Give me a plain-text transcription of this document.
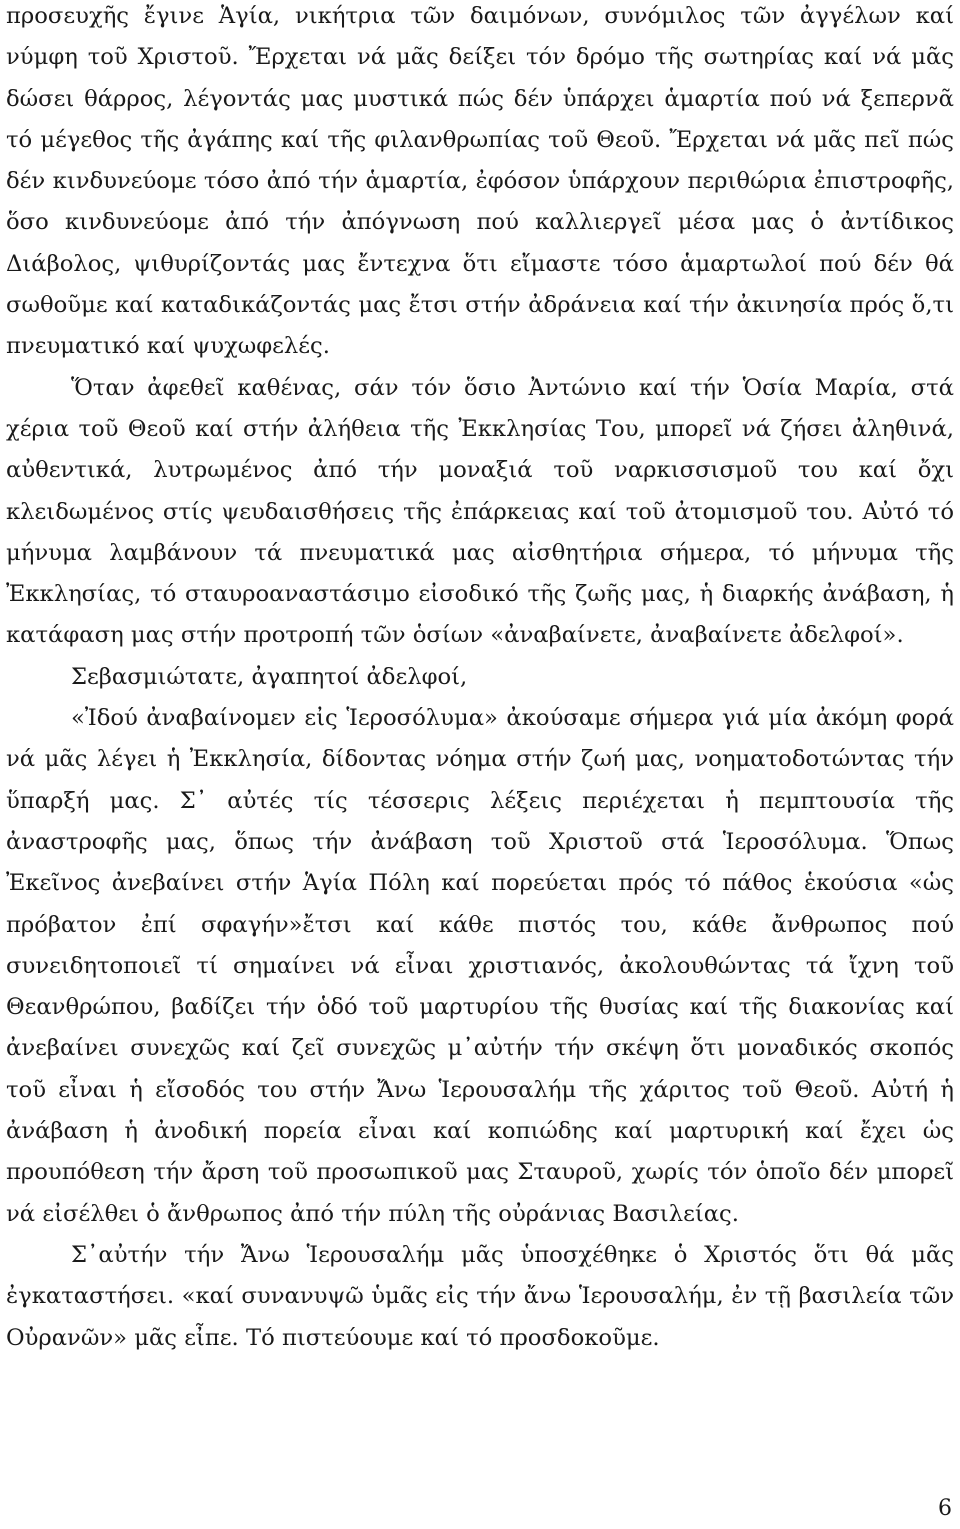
προσευχῆς ἔγινε Ἁγία, νικήτρια τῶν δαιμόνων, συνόμιλος τῶν ἀγγέλων καί νύμφη τοῦ Χριστοῦ. Ἔρχεται νά μᾶς δείξει τόν δρόμο τῆς σωτηρίας καί νά μᾶς δώσει θάρρος, λέγοντάς μας μυστικά πώς δέν ὑπάρχει ἁμαρτία πού νά ξεπερνᾶ τό μέγεθος τῆς ἀγάπης καί τῆς φιλανθρωπίας τοῦ Θεοῦ. Ἔρχεται νά μᾶς πεῖ πώς δέν κινδυνεύομε τόσο ἀπό τήν ἁμαρτία, ἐφόσον ὑπάρχουν περιθώρια ἐπιστροφῆς, ὅσο κινδυνεύομε ἀπό τήν ἀπόγνωση πού καλλιεργεῖ μέσα μας ὁ ἀντίδικος Διάβολος, ψιθυρίζοντάς μας ἔντεχνα ὅτι εἴμαστε τόσο ἁμαρτωλοί πού δέν θά σωθοῦμε καί καταδικάζοντάς μας ἔτσι στήν ἀδράνεια καί τήν ἀκινησία πρός ὅ,τι πνευματικό καί ψυχωφελές.

Ὅταν ἀφεθεῖ καθένας, σάν τόν ὅσιο Ἀντώνιο καί τήν Ὁσία Μαρία, στά χέρια τοῦ Θεοῦ καί στήν ἀλήθεια τῆς Ἐκκλησίας Του, μπορεῖ νά ζήσει ἀληθινά, αὐθεντικά, λυτρωμένος ἀπό τήν μοναξιά τοῦ ναρκισσισμοῦ του καί ὄχι κλειδωμένος στίς ψευδαισθήσεις τῆς ἐπάρκειας καί τοῦ ἀτομισμοῦ του. Αὐτό τό μήνυμα λαμβάνουν τά πνευματικά μας αἰσθητήρια σήμερα, τό μήνυμα τῆς Ἐκκλησίας, τό σταυροαναστάσιμο εἰσοδικό τῆς ζωῆς μας, ἡ διαρκής ἀνάβαση, ἡ κατάφαση μας στήν προτροπή τῶν ὁσίων «ἀναβαίνετε, ἀναβαίνετε ἀδελφοί».

Σεβασμιώτατε, ἀγαπητοί ἀδελφοί,

«Ἰδού ἀναβαίνομεν εἰς Ἱεροσόλυμα» ἀκούσαμε σήμερα γιά μία ἀκόμη φορά νά μᾶς λέγει ἡ Ἐκκλησία, δίδοντας νόημα στήν ζωή μας, νοηματοδοτώντας τήν ὕπαρξή μας. Σ᾽ αὐτές τίς τέσσερις λέξεις περιέχεται ἡ πεμπτουσία τῆς ἀναστροφῆς μας, ὅπως τήν ἀνάβαση τοῦ Χριστοῦ στά Ἱεροσόλυμα. Ὅπως Ἐκεῖνος ἀνεβαίνει στήν Ἁγία Πόλη καί πορεύεται πρός τό πάθος ἑκούσια «ὡς πρόβατον ἐπί σφαγήν»ἔτσι καί κάθε πιστός του, κάθε ἄνθρωπος πού συνειδητοποιεῖ τί σημαίνει νά εἶναι χριστιανός, ἀκολουθώντας τά ἴχνη τοῦ Θεανθρώπου, βαδίζει τήν ὁδό τοῦ μαρτυρίου τῆς θυσίας καί τῆς διακονίας καί ἀνεβαίνει συνεχῶς καί ζεῖ συνεχῶς μ᾽αὐτήν τήν σκέψη ὅτι μοναδικός σκοπός τοῦ εἶναι ἡ εἴσοδός του στήν Ἄνω Ἱερουσαλήμ τῆς χάριτος τοῦ Θεοῦ. Αὐτή ἡ ἀνάβαση ἡ ἀνοδική πορεία εἶναι καί κοπιώδης καί μαρτυρική καί ἔχει ὡς προυπόθεση τήν ἄρση τοῦ προσωπικοῦ μας Σταυροῦ, χωρίς τόν ὁποῖο δέν μπορεῖ νά εἰσέλθει ὁ ἄνθρωπος ἀπό τήν πύλη τῆς οὐράνιας Βασιλείας.

Σ᾽αὐτήν τήν Ἄνω Ἱερουσαλήμ μᾶς ὑποσχέθηκε ὁ Χριστός ὅτι θά μᾶς ἐγκαταστήσει. «καί συνανυψῶ ὑμᾶς εἰς τήν ἄνω Ἱερουσαλήμ, ἐν τῇ βασιλεία τῶν Οὐρανῶν» μᾶς εἶπε. Τό πιστεύουμε καί τό προσδοκοῦμε.

6
